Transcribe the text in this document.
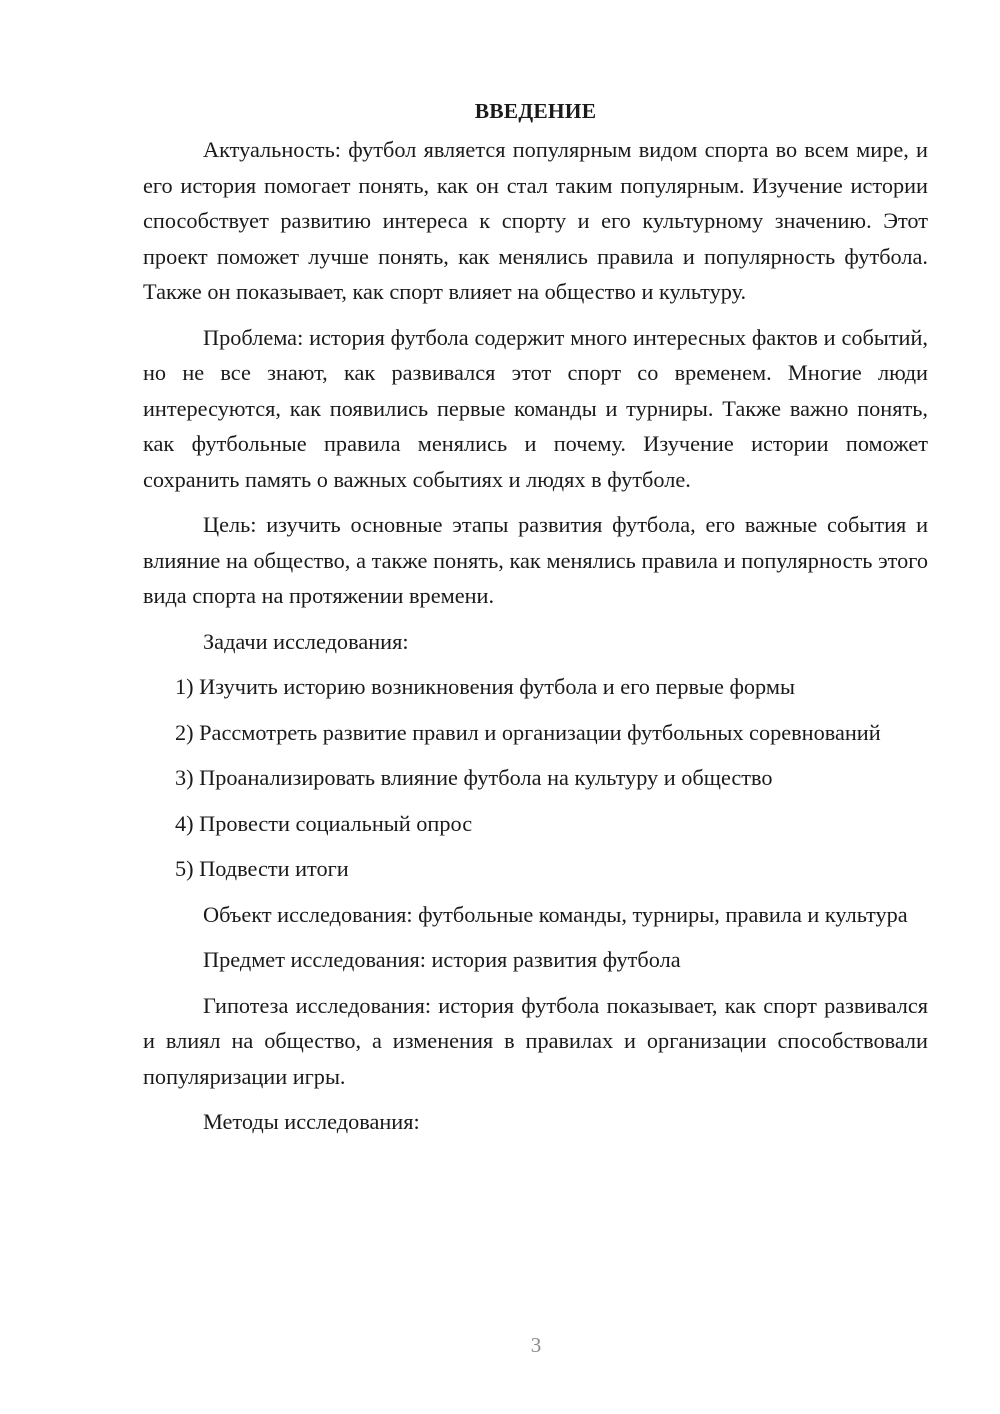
ВВЕДЕНИЕ

Актуальность: футбол является популярным видом спорта во всем мире, и его история помогает понять, как он стал таким популярным. Изучение истории способствует развитию интереса к спорту и его культурному значению. Этот проект поможет лучше понять, как менялись правила и популярность футбола. Также он показывает, как спорт влияет на общество и культуру.

Проблема: история футбола содержит много интересных фактов и событий, но не все знают, как развивался этот спорт со временем. Многие люди интересуются, как появились первые команды и турниры. Также важно понять, как футбольные правила менялись и почему. Изучение истории поможет сохранить память о важных событиях и людях в футболе.

Цель: изучить основные этапы развития футбола, его важные события и влияние на общество, а также понять, как менялись правила и популярность этого вида спорта на протяжении времени.

Задачи исследования:

1) Изучить историю возникновения футбола и его первые формы

2) Рассмотреть развитие правил и организации футбольных соревнований

3) Проанализировать влияние футбола на культуру и общество

4) Провести социальный опрос

5) Подвести итоги

Объект исследования: футбольные команды, турниры, правила и культура

Предмет исследования: история развития футбола

Гипотеза исследования: история футбола показывает, как спорт развивался и влиял на общество, а изменения в правилах и организации способствовали популяризации игры.

Методы исследования:

3
